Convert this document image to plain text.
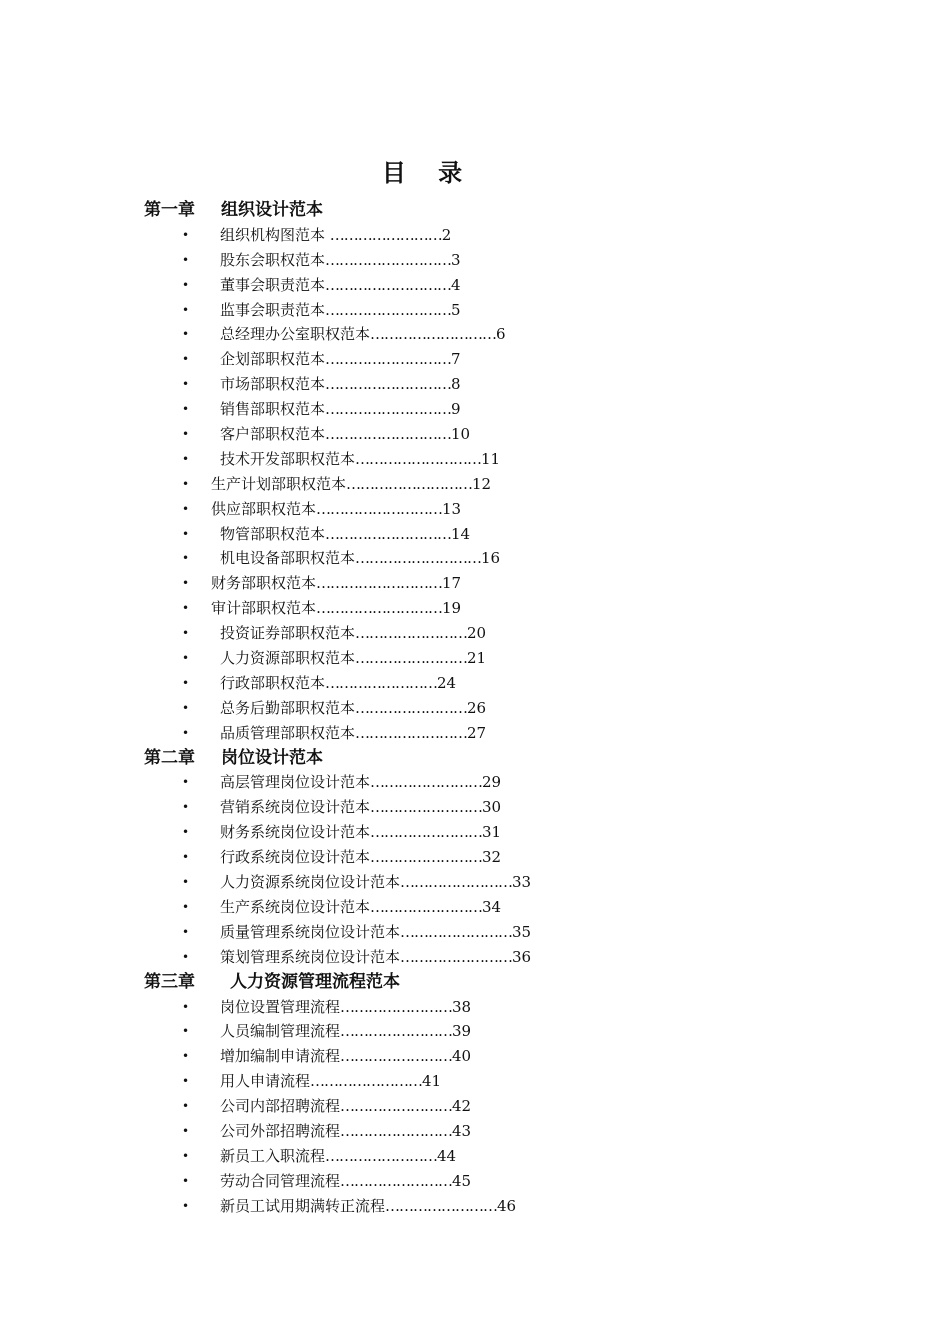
目 录
第一章 组织设计范本
• 组织机构图范本 ……………………2
• 股东会职权范本………………………3
• 董事会职责范本………………………4
• 监事会职责范本………………………5
• 总经理办公室职权范本………………………6
• 企划部职权范本………………………7
• 市场部职权范本………………………8
• 销售部职权范本………………………9
• 客户部职权范本………………………10
• 技术开发部职权范本………………………11
• 生产计划部职权范本………………………12
• 供应部职权范本………………………13
• 物管部职权范本………………………14
• 机电设备部职权范本………………………16
• 财务部职权范本………………………17
• 审计部职权范本………………………19
• 投资证券部职权范本……………………20
• 人力资源部职权范本……………………21
• 行政部职权范本……………………24
• 总务后勤部职权范本……………………26
• 品质管理部职权范本……………………27
第二章 岗位设计范本
• 高层管理岗位设计范本……………………29
• 营销系统岗位设计范本……………………30
• 财务系统岗位设计范本……………………31
• 行政系统岗位设计范本……………………32
• 人力资源系统岗位设计范本……………………33
• 生产系统岗位设计范本……………………34
• 质量管理系统岗位设计范本……………………35
• 策划管理系统岗位设计范本……………………36
第三章 人力资源管理流程范本
• 岗位设置管理流程……………………38
• 人员编制管理流程……………………39
• 增加编制申请流程……………………40
• 用人申请流程……………………41
• 公司内部招聘流程……………………42
• 公司外部招聘流程……………………43
• 新员工入职流程……………………44
• 劳动合同管理流程……………………45
• 新员工试用期满转正流程……………………46
